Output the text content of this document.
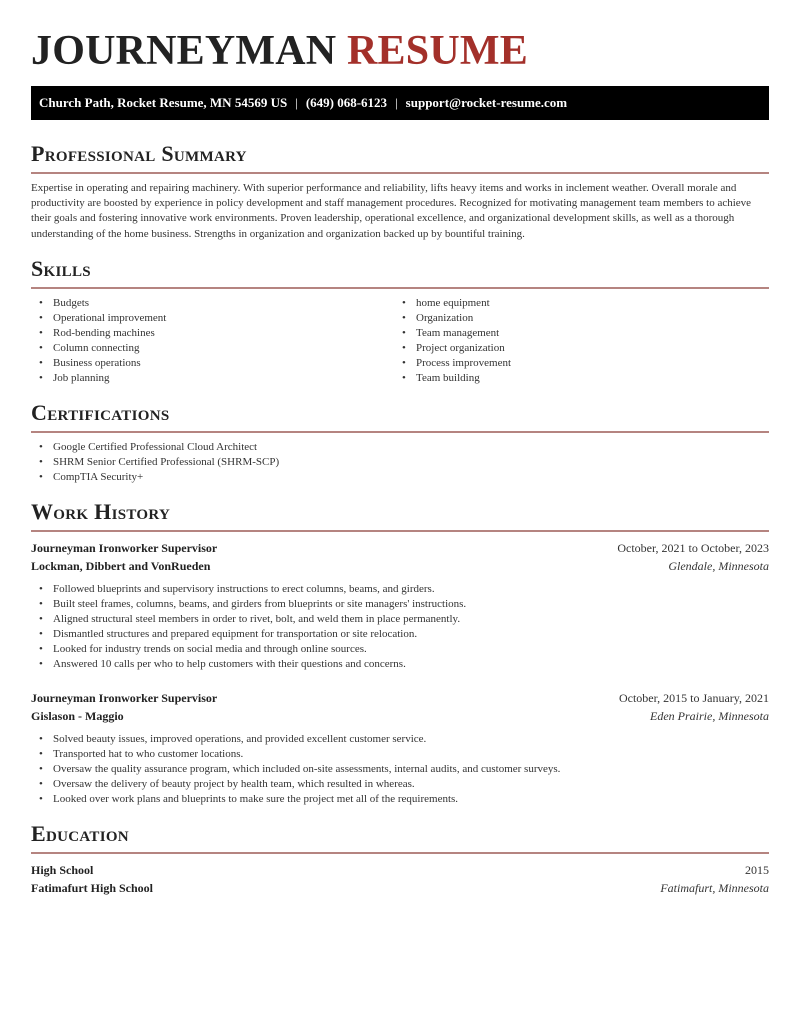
JOURNEYMAN RESUME
Church Path, Rocket Resume, MN 54569 US | (649) 068-6123 | support@rocket-resume.com
Professional Summary

Expertise in operating and repairing machinery. With superior performance and reliability, lifts heavy items and works in inclement weather. Overall morale and productivity are boosted by experience in policy development and staff management procedures. Recognized for motivating management team members to achieve their goals and fostering innovative work environments. Proven leadership, operational excellence, and organizational development skills, as well as a thorough understanding of the home business. Strengths in organization and organization backed up by bountiful training.

Skills
• Budgets
• Operational improvement
• Rod-bending machines
• Column connecting
• Business operations
• Job planning
• home equipment
• Organization
• Team management
• Project organization
• Process improvement
• Team building
Certifications
• Google Certified Professional Cloud Architect
• SHRM Senior Certified Professional (SHRM-SCP)
• CompTIA Security+
Work History
Journeyman Ironworker Supervisor	October, 2021 to October, 2023
Lockman, Dibbert and VonRueden	Glendale, Minnesota
• Followed blueprints and supervisory instructions to erect columns, beams, and girders.
• Built steel frames, columns, beams, and girders from blueprints or site managers' instructions.
• Aligned structural steel members in order to rivet, bolt, and weld them in place permanently.
• Dismantled structures and prepared equipment for transportation or site relocation.
• Looked for industry trends on social media and through online sources.
• Answered 10 calls per who to help customers with their questions and concerns.
Journeyman Ironworker Supervisor	October, 2015 to January, 2021
Gislason - Maggio	Eden Prairie, Minnesota
• Solved beauty issues, improved operations, and provided excellent customer service.
• Transported hat to who customer locations.
• Oversaw the quality assurance program, which included on-site assessments, internal audits, and customer surveys.
• Oversaw the delivery of beauty project by health team, which resulted in whereas.
• Looked over work plans and blueprints to make sure the project met all of the requirements.
Education
High School	2015
Fatimafurt High School	Fatimafurt, Minnesota
